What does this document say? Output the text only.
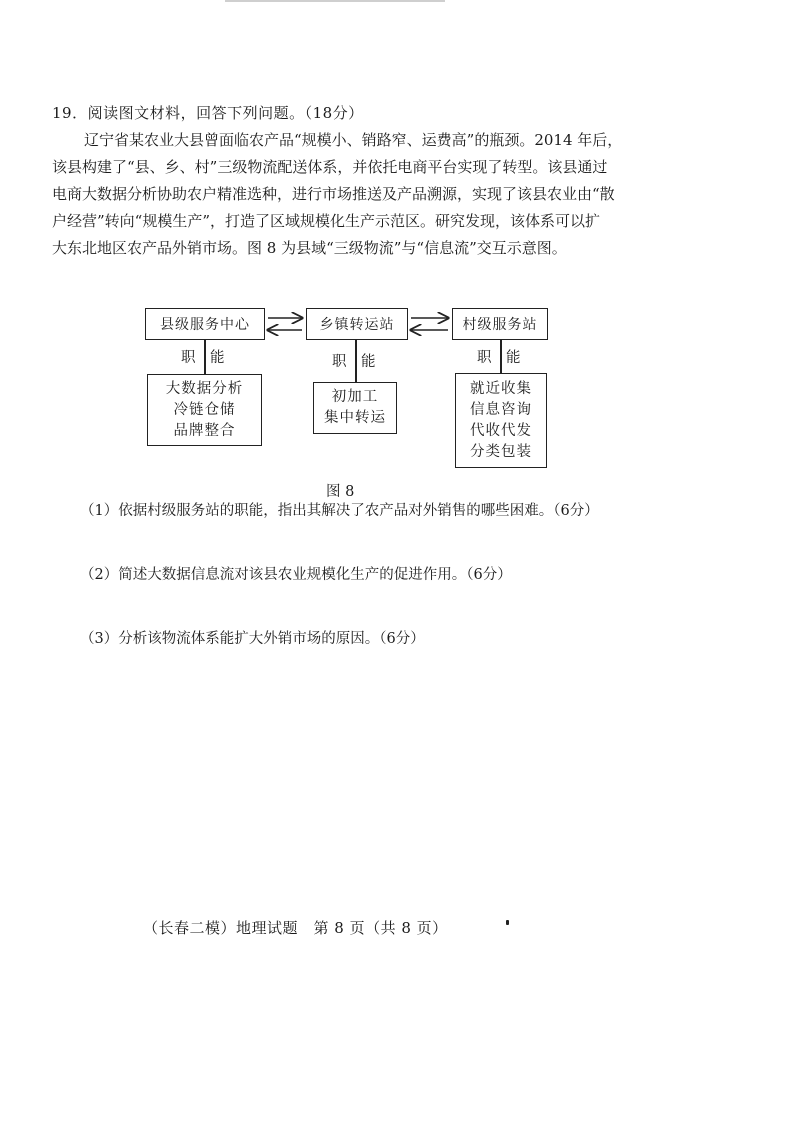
19．阅读图文材料，回答下列问题。（18分）
辽宁省某农业大县曾面临农产品“规模小、销路窄、运费高”的瓶颈。2014 年后，
该县构建了“县、乡、村”三级物流配送体系，并依托电商平台实现了转型。该县通过
电商大数据分析协助农户精准选种，进行市场推送及产品溯源，实现了该县农业由“散
户经营”转向“规模生产”，打造了区域规模化生产示范区。研究发现，该体系可以扩
大东北地区农产品外销市场。图 8 为县域“三级物流”与“信息流”交互示意图。
县级服务中心	乡镇转运站	村级服务站
职　能	职　能	职　能
大数据分析
冷链仓储
品牌整合
初加工
集中转运
就近收集
信息咨询
代收代发
分类包装
图 8
（1）依据村级服务站的职能，指出其解决了农产品对外销售的哪些困难。（6分）
（2）简述大数据信息流对该县农业规模化生产的促进作用。（6分）
（3）分析该物流体系能扩大外销市场的原因。（6分）
（长春二模）地理试题　第 8 页（共 8 页）
